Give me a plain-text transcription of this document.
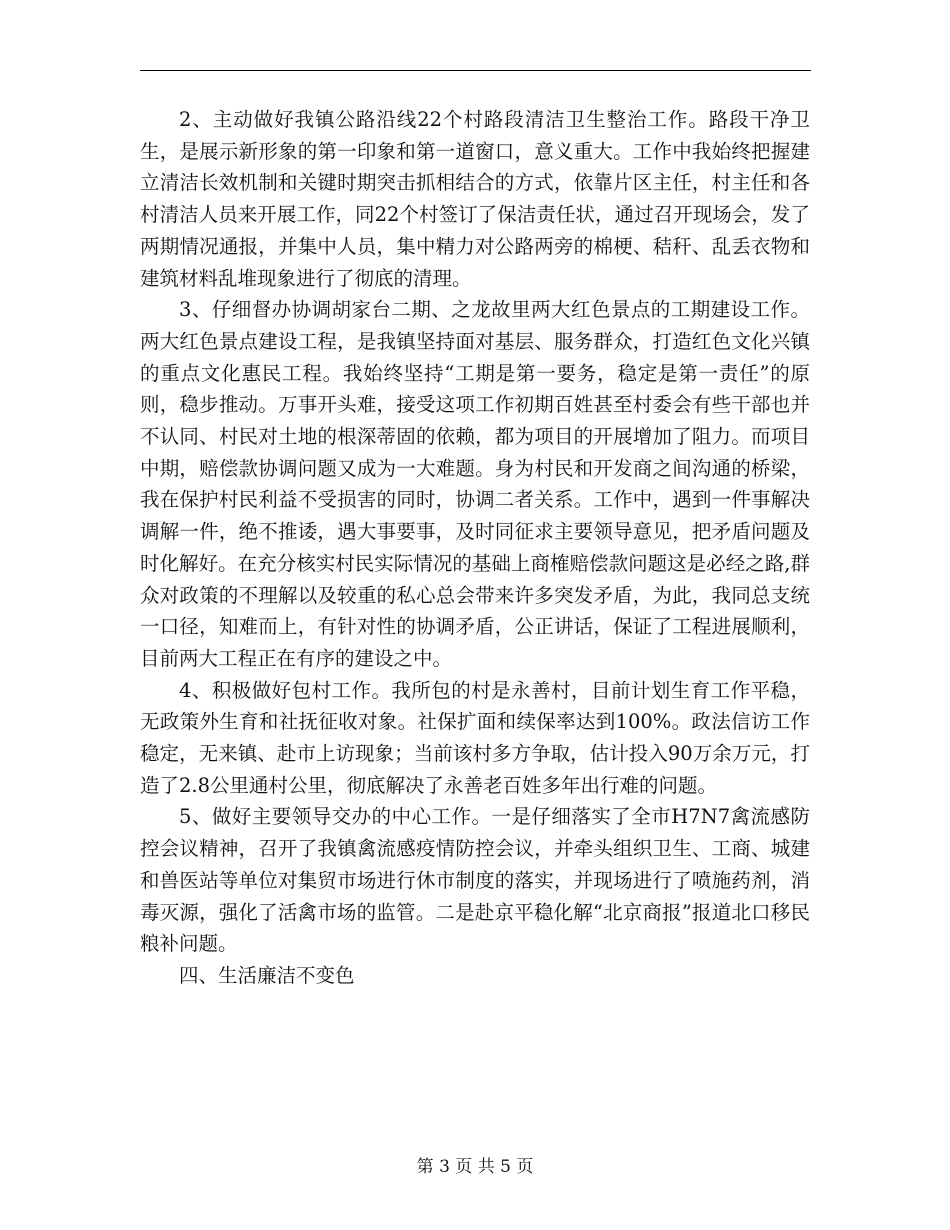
2、主动做好我镇公路沿线22个村路段清洁卫生整治工作。路段干净卫生，是展示新形象的第一印象和第一道窗口，意义重大。工作中我始终把握建立清洁长效机制和关键时期突击抓相结合的方式，依靠片区主任，村主任和各村清洁人员来开展工作，同22个村签订了保洁责任状，通过召开现场会，发了两期情况通报，并集中人员，集中精力对公路两旁的棉梗、秸秆、乱丢衣物和建筑材料乱堆现象进行了彻底的清理。

3、仔细督办协调胡家台二期、之龙故里两大红色景点的工期建设工作。两大红色景点建设工程，是我镇坚持面对基层、服务群众，打造红色文化兴镇的重点文化惠民工程。我始终坚持“工期是第一要务，稳定是第一责任”的原则，稳步推动。万事开头难，接受这项工作初期百姓甚至村委会有些干部也并不认同、村民对土地的根深蒂固的依赖，都为项目的开展增加了阻力。而项目中期，赔偿款协调问题又成为一大难题。身为村民和开发商之间沟通的桥梁，我在保护村民利益不受损害的同时，协调二者关系。工作中，遇到一件事解决调解一件，绝不推诿，遇大事要事，及时同征求主要领导意见，把矛盾问题及时化解好。在充分核实村民实际情况的基础上商榷赔偿款问题这是必经之路,群众对政策的不理解以及较重的私心总会带来许多突发矛盾，为此，我同总支统一口径，知难而上，有针对性的协调矛盾，公正讲话，保证了工程进展顺利，目前两大工程正在有序的建设之中。

4、积极做好包村工作。我所包的村是永善村，目前计划生育工作平稳，无政策外生育和社抚征收对象。社保扩面和续保率达到100%。政法信访工作稳定，无来镇、赴市上访现象；当前该村多方争取，估计投入90万余万元，打造了2.8公里通村公里，彻底解决了永善老百姓多年出行难的问题。

5、做好主要领导交办的中心工作。一是仔细落实了全市H7N7禽流感防控会议精神，召开了我镇禽流感疫情防控会议，并牵头组织卫生、工商、城建和兽医站等单位对集贸市场进行休市制度的落实，并现场进行了喷施药剂，消毒灭源，强化了活禽市场的监管。二是赴京平稳化解“北京商报”报道北口移民粮补问题。

四、生活廉洁不变色

第 3 页 共 5 页
